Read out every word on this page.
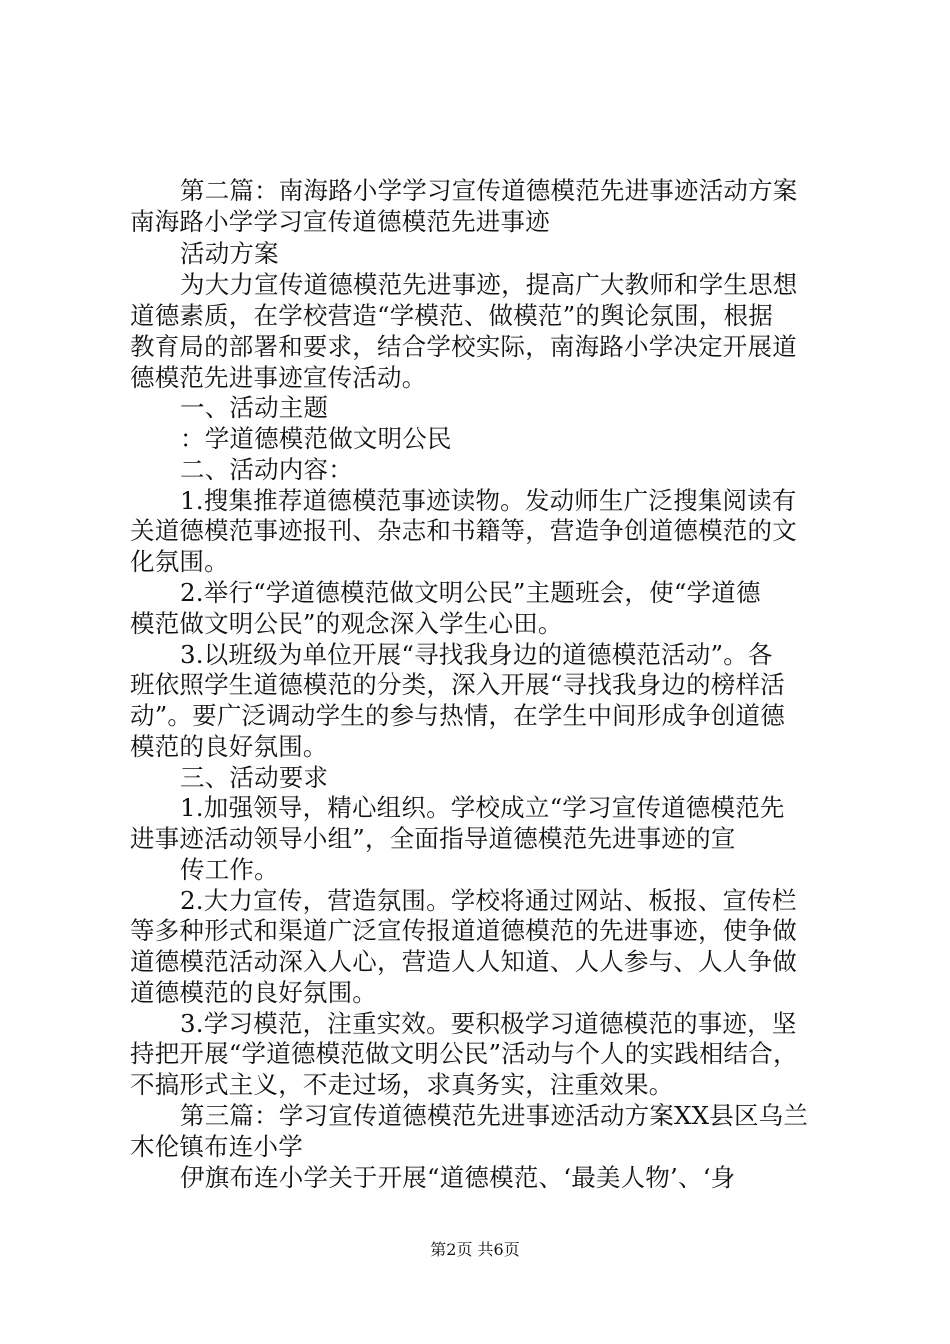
第二篇：南海路小学学习宣传道德模范先进事迹活动方案
南海路小学学习宣传道德模范先进事迹
活动方案
为大力宣传道德模范先进事迹，提高广大教师和学生思想
道德素质，在学校营造“学模范、做模范”的舆论氛围，根据
教育局的部署和要求，结合学校实际，南海路小学决定开展道
德模范先进事迹宣传活动。
一、活动主题
：学道德模范做文明公民
二、活动内容：
1.搜集推荐道德模范事迹读物。发动师生广泛搜集阅读有
关道德模范事迹报刊、杂志和书籍等，营造争创道德模范的文
化氛围。
2.举行“学道德模范做文明公民”主题班会，使“学道德
模范做文明公民”的观念深入学生心田。
3.以班级为单位开展“寻找我身边的道德模范活动”。各
班依照学生道德模范的分类，深入开展“寻找我身边的榜样活
动”。要广泛调动学生的参与热情，在学生中间形成争创道德
模范的良好氛围。
三、活动要求
1.加强领导，精心组织。学校成立“学习宣传道德模范先
进事迹活动领导小组”，全面指导道德模范先进事迹的宣
传工作。
2.大力宣传，营造氛围。学校将通过网站、板报、宣传栏
等多种形式和渠道广泛宣传报道道德模范的先进事迹，使争做
道德模范活动深入人心，营造人人知道、人人参与、人人争做
道德模范的良好氛围。
3.学习模范，注重实效。要积极学习道德模范的事迹，坚
持把开展“学道德模范做文明公民”活动与个人的实践相结合，
不搞形式主义，不走过场，求真务实，注重效果。
第三篇：学习宣传道德模范先进事迹活动方案XX县区乌兰
木伦镇布连小学
伊旗布连小学关于开展“道德模范、‘最美人物’、‘身
第2页 共6页
